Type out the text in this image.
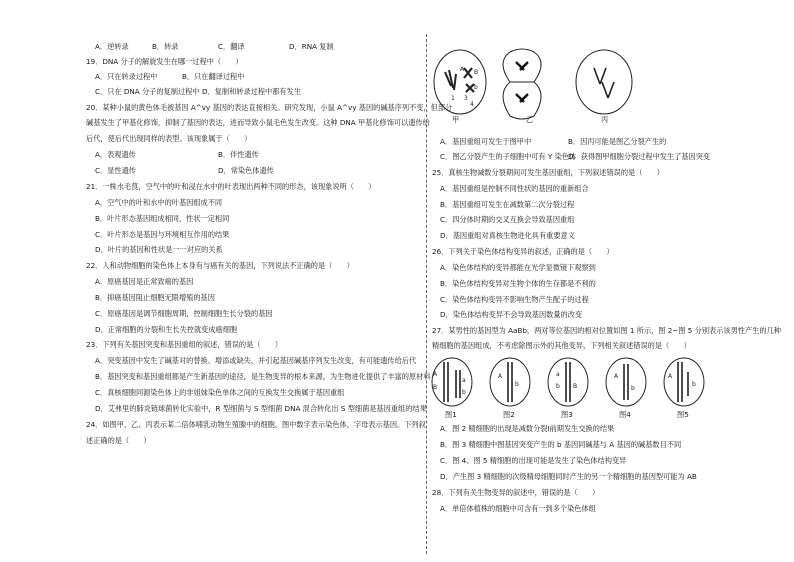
A．逆转录	B．转录	C．翻译	D．RNA 复制
19．DNA 分子的解旋发生在哪一过程中（　　）
A．只在转录过程中	B．只在翻译过程中
C．只在 DNA 分子的复制过程中 D．复制和转录过程中都有发生
20．某种小鼠的黄色体毛被基因 A^vy 基因的表达直接相关。研究发现，小鼠 A^vy 基因的碱基序列不变，但部分
碱基发生了甲基化修饰，抑制了基因的表达，进而导致小鼠毛色发生改变。这种 DNA 甲基化修饰可以遗传给
后代，使后代出现同样的表型。该现象属于（　　）
A．表观遗传	B．伴性遗传
C．显性遗传	D．常染色体遗传
21．一株水毛茛，空气中的叶和浸在水中的叶表现出两种不同的形态，该现象说明（　　）
A．空气中的叶和水中的叶基因组成不同
B．叶片形态基因组成相同，性状一定相同
C．叶片形态是基因与环境相互作用的结果
D．叶片的基因和性状是一一对应的关系
22．人和动物细胞的染色体上本身有与癌有关的基因，下列说法不正确的是（　　）
A．原癌基因是正常致癌的基因
B．抑癌基因阻止细胞无限增殖的基因
C．原癌基因是调节细胞周期，控制细胞生长分裂的基因
D．正常细胞的分裂和生长失控就变成癌细胞
23．下列有关基因突变和基因重组的叙述，错误的是（　　）
A．突变基因中发生了碱基对的替换、增添或缺失，并引起基因碱基序列发生改变，有可能遗传给后代
B．基因突变和基因重组都是产生新基因的途径，是生物变异的根本来源，为生物进化提供了丰富的原材料
C．真核细胞同源染色体上的非姐妹染色单体之间的互换发生交换属于基因重组
D．艾弗里的肺炎链球菌转化实验中，R 型细菌与 S 型细菌 DNA 混合转化出 S 型细菌是基因重组的结果
24．如图甲、乙、丙表示某二倍体哺乳动物生殖腺中的细胞，图中数字表示染色体，字母表示基因。下列叙
述正确的是（　　）
A B
b
1 3
4
甲	乙	丙
A．基因重组可发生于图甲中	B．因丙可能是图乙分裂产生的
C．图乙分裂产生的子细胞中可有 Y 染色体
D．获得图甲细胞分裂过程中发生了基因突变
25．真核生物减数分裂期间可发生基因重组，下列叙述错误的是（　　）
A．基因重组是控制不同性状的基因的重新组合
B．基因重组可发生在减数第二次分裂过程
C．四分体时期的交叉互换会导致基因重组
D．基因重组对真核生物进化具有重要意义
26．下列关于染色体结构变异的叙述，正确的是（　　）
A．染色体结构的变异都能在光学显微镜下观察到
B．染色体结构变异对生物个体的生存都是不利的
C．染色体结构变异不影响生物产生配子的过程
D．染色体结构变异不会导致基因数量的改变
27．某男性的基因型为 AaBb，两对等位基因的相对位置如图 1 所示，图 2~图 5 分别表示该男性产生的几种
精细胞的基因组成，不考虑除图示外的其他变异，下列相关叙述错误的是（　　）
A
B
a
b
A
b
a
b B
A
b
A
b
图1	图2	图3	图4	图5
A．图 2 精细胞的出现是减数分裂Ⅰ前期发生交换的结果
B．图 3 精细胞中图基因突变产生的 b 基因同碱基与 A 基因的碱基数目不同
C．图 4、图 5 精细胞的出现可能是发生了染色体结构变异
D．产生图 3 精细胞的次级精母细胞同时产生的另一个精细胞的基因型可能为 AB
28．下列有关生物变异的叙述中，错误的是（　　）
A．单倍体植株的细胞中可含有一到多个染色体组
